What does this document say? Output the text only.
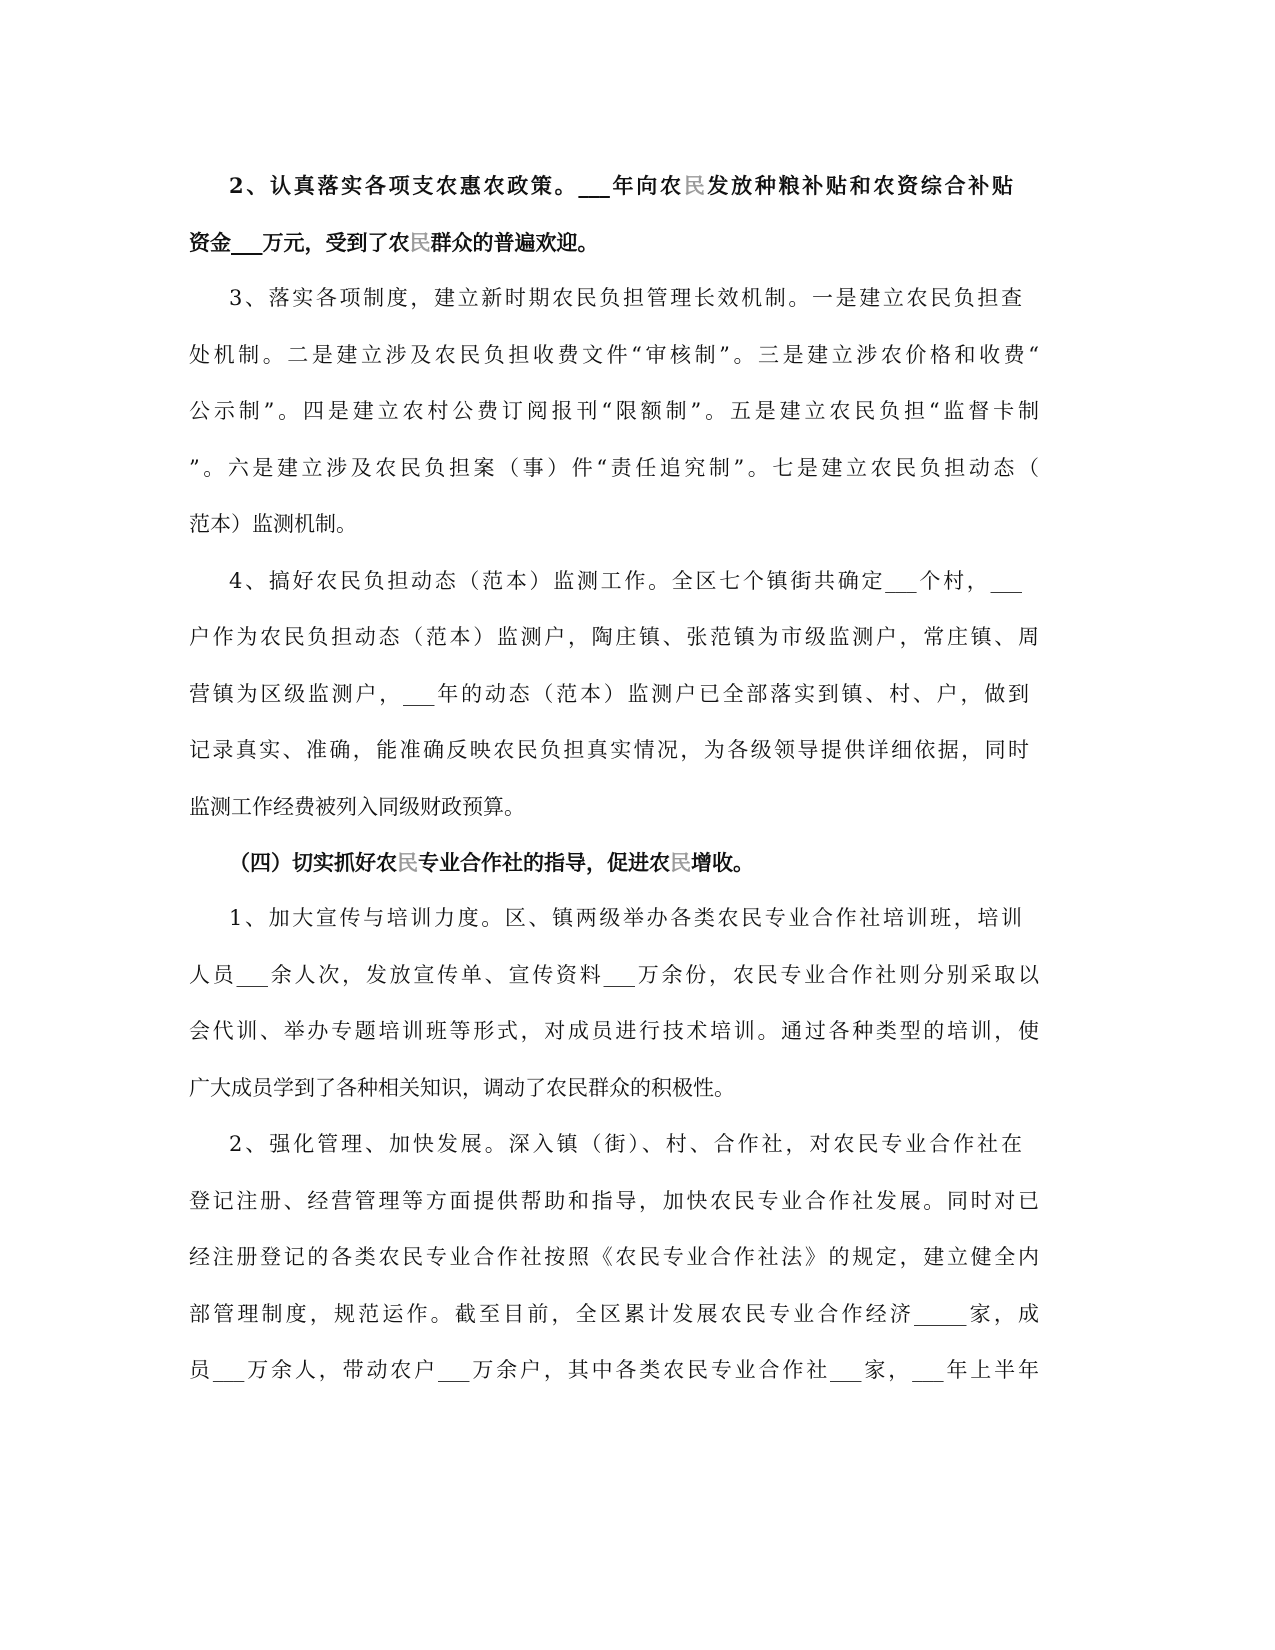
2、认真落实各项支农惠农政策。___年向农民发放种粮补贴和农资综合补贴

资金___万元，受到了农民群众的普遍欢迎。

3、落实各项制度，建立新时期农民负担管理长效机制。一是建立农民负担查

处机制。二是建立涉及农民负担收费文件“审核制”。三是建立涉农价格和收费“

公示制”。四是建立农村公费订阅报刊“限额制”。五是建立农民负担“监督卡制

”。六是建立涉及农民负担案（事）件“责任追究制”。七是建立农民负担动态（

范本）监测机制。

4、搞好农民负担动态（范本）监测工作。全区七个镇街共确定___个村，___

户作为农民负担动态（范本）监测户，陶庄镇、张范镇为市级监测户，常庄镇、周

营镇为区级监测户，___年的动态（范本）监测户已全部落实到镇、村、户，做到

记录真实、准确，能准确反映农民负担真实情况，为各级领导提供详细依据，同时

监测工作经费被列入同级财政预算。

（四）切实抓好农民专业合作社的指导，促进农民增收。

1、加大宣传与培训力度。区、镇两级举办各类农民专业合作社培训班，培训

人员___余人次，发放宣传单、宣传资料___万余份，农民专业合作社则分别采取以

会代训、举办专题培训班等形式，对成员进行技术培训。通过各种类型的培训，使

广大成员学到了各种相关知识，调动了农民群众的积极性。

2、强化管理、加快发展。深入镇（街）、村、合作社，对农民专业合作社在

登记注册、经营管理等方面提供帮助和指导，加快农民专业合作社发展。同时对已

经注册登记的各类农民专业合作社按照《农民专业合作社法》的规定，建立健全内

部管理制度，规范运作。截至目前，全区累计发展农民专业合作经济_____家，成

员___万余人，带动农户___万余户，其中各类农民专业合作社___家，___年上半年
